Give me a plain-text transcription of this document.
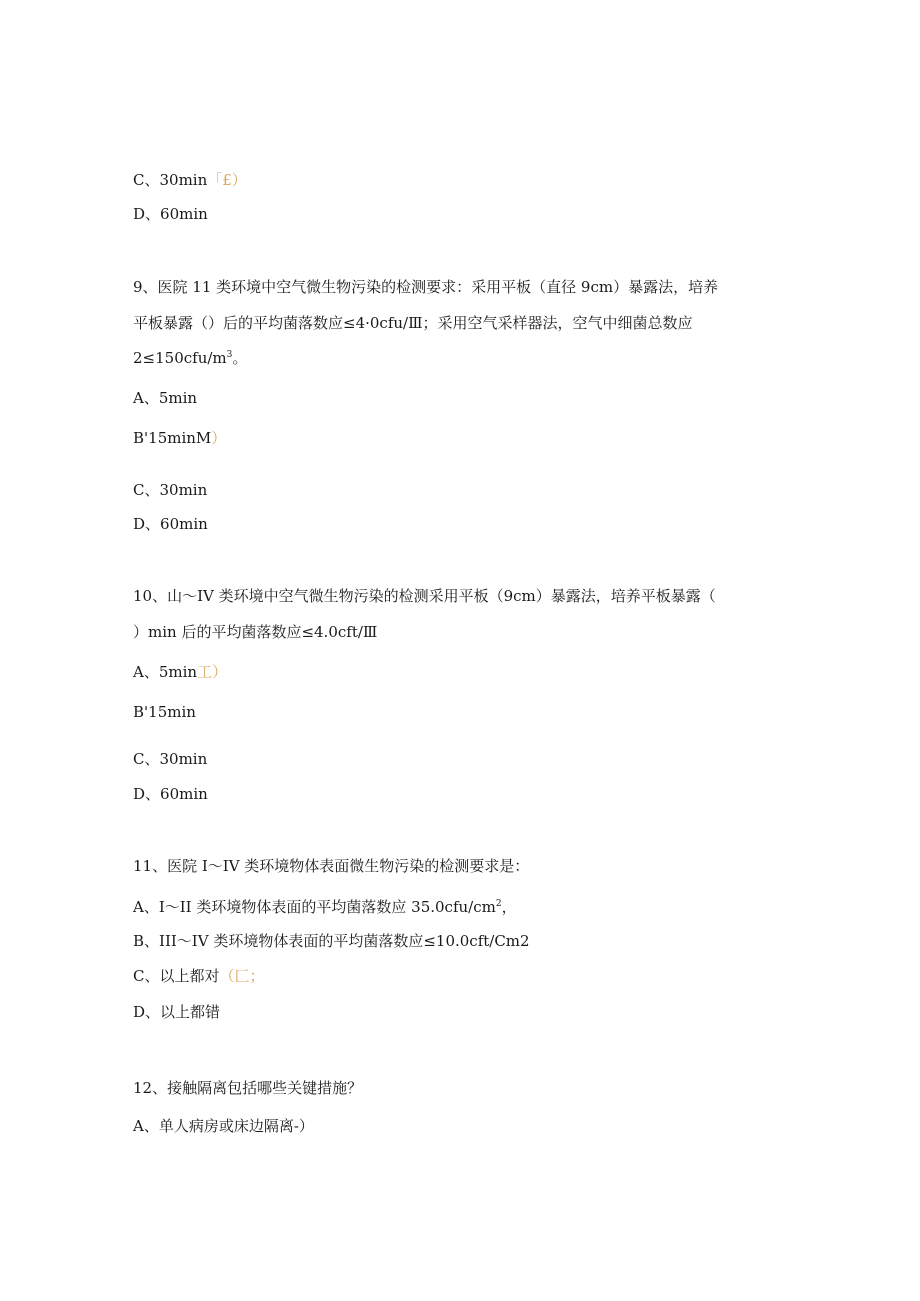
C、30min「£）
D、60min
9、医院 11 类环境中空气微生物污染的检测要求：采用平板（直径 9cm）暴露法，培养
平板暴露（）后的平均菌落数应≤4·0cfu/Ⅲ；采用空气采样器法，空气中细菌总数应
$2\le 150cfu/m^3$。
A、5min
B'15minM）
C、30min
D、60min
10、山～IV 类环境中空气微生物污染的检测采用平板（9cm）暴露法，培养平板暴露（
）min 后的平均菌落数应≤4.0cft/Ⅲ
A、5min工）
B'15min
C、30min
D、60min
11、医院 I～IV 类环境物体表面微生物污染的检测要求是：
A、I～II 类环境物体表面的平均菌落数应 $35.0cfu/cm^2$，
B、III～IV 类环境物体表面的平均菌落数应≤10.0cft/Cm2
C、以上都对（匚；
D、以上都错
12、接触隔离包括哪些关键措施？
A、单人病房或床边隔离-）
